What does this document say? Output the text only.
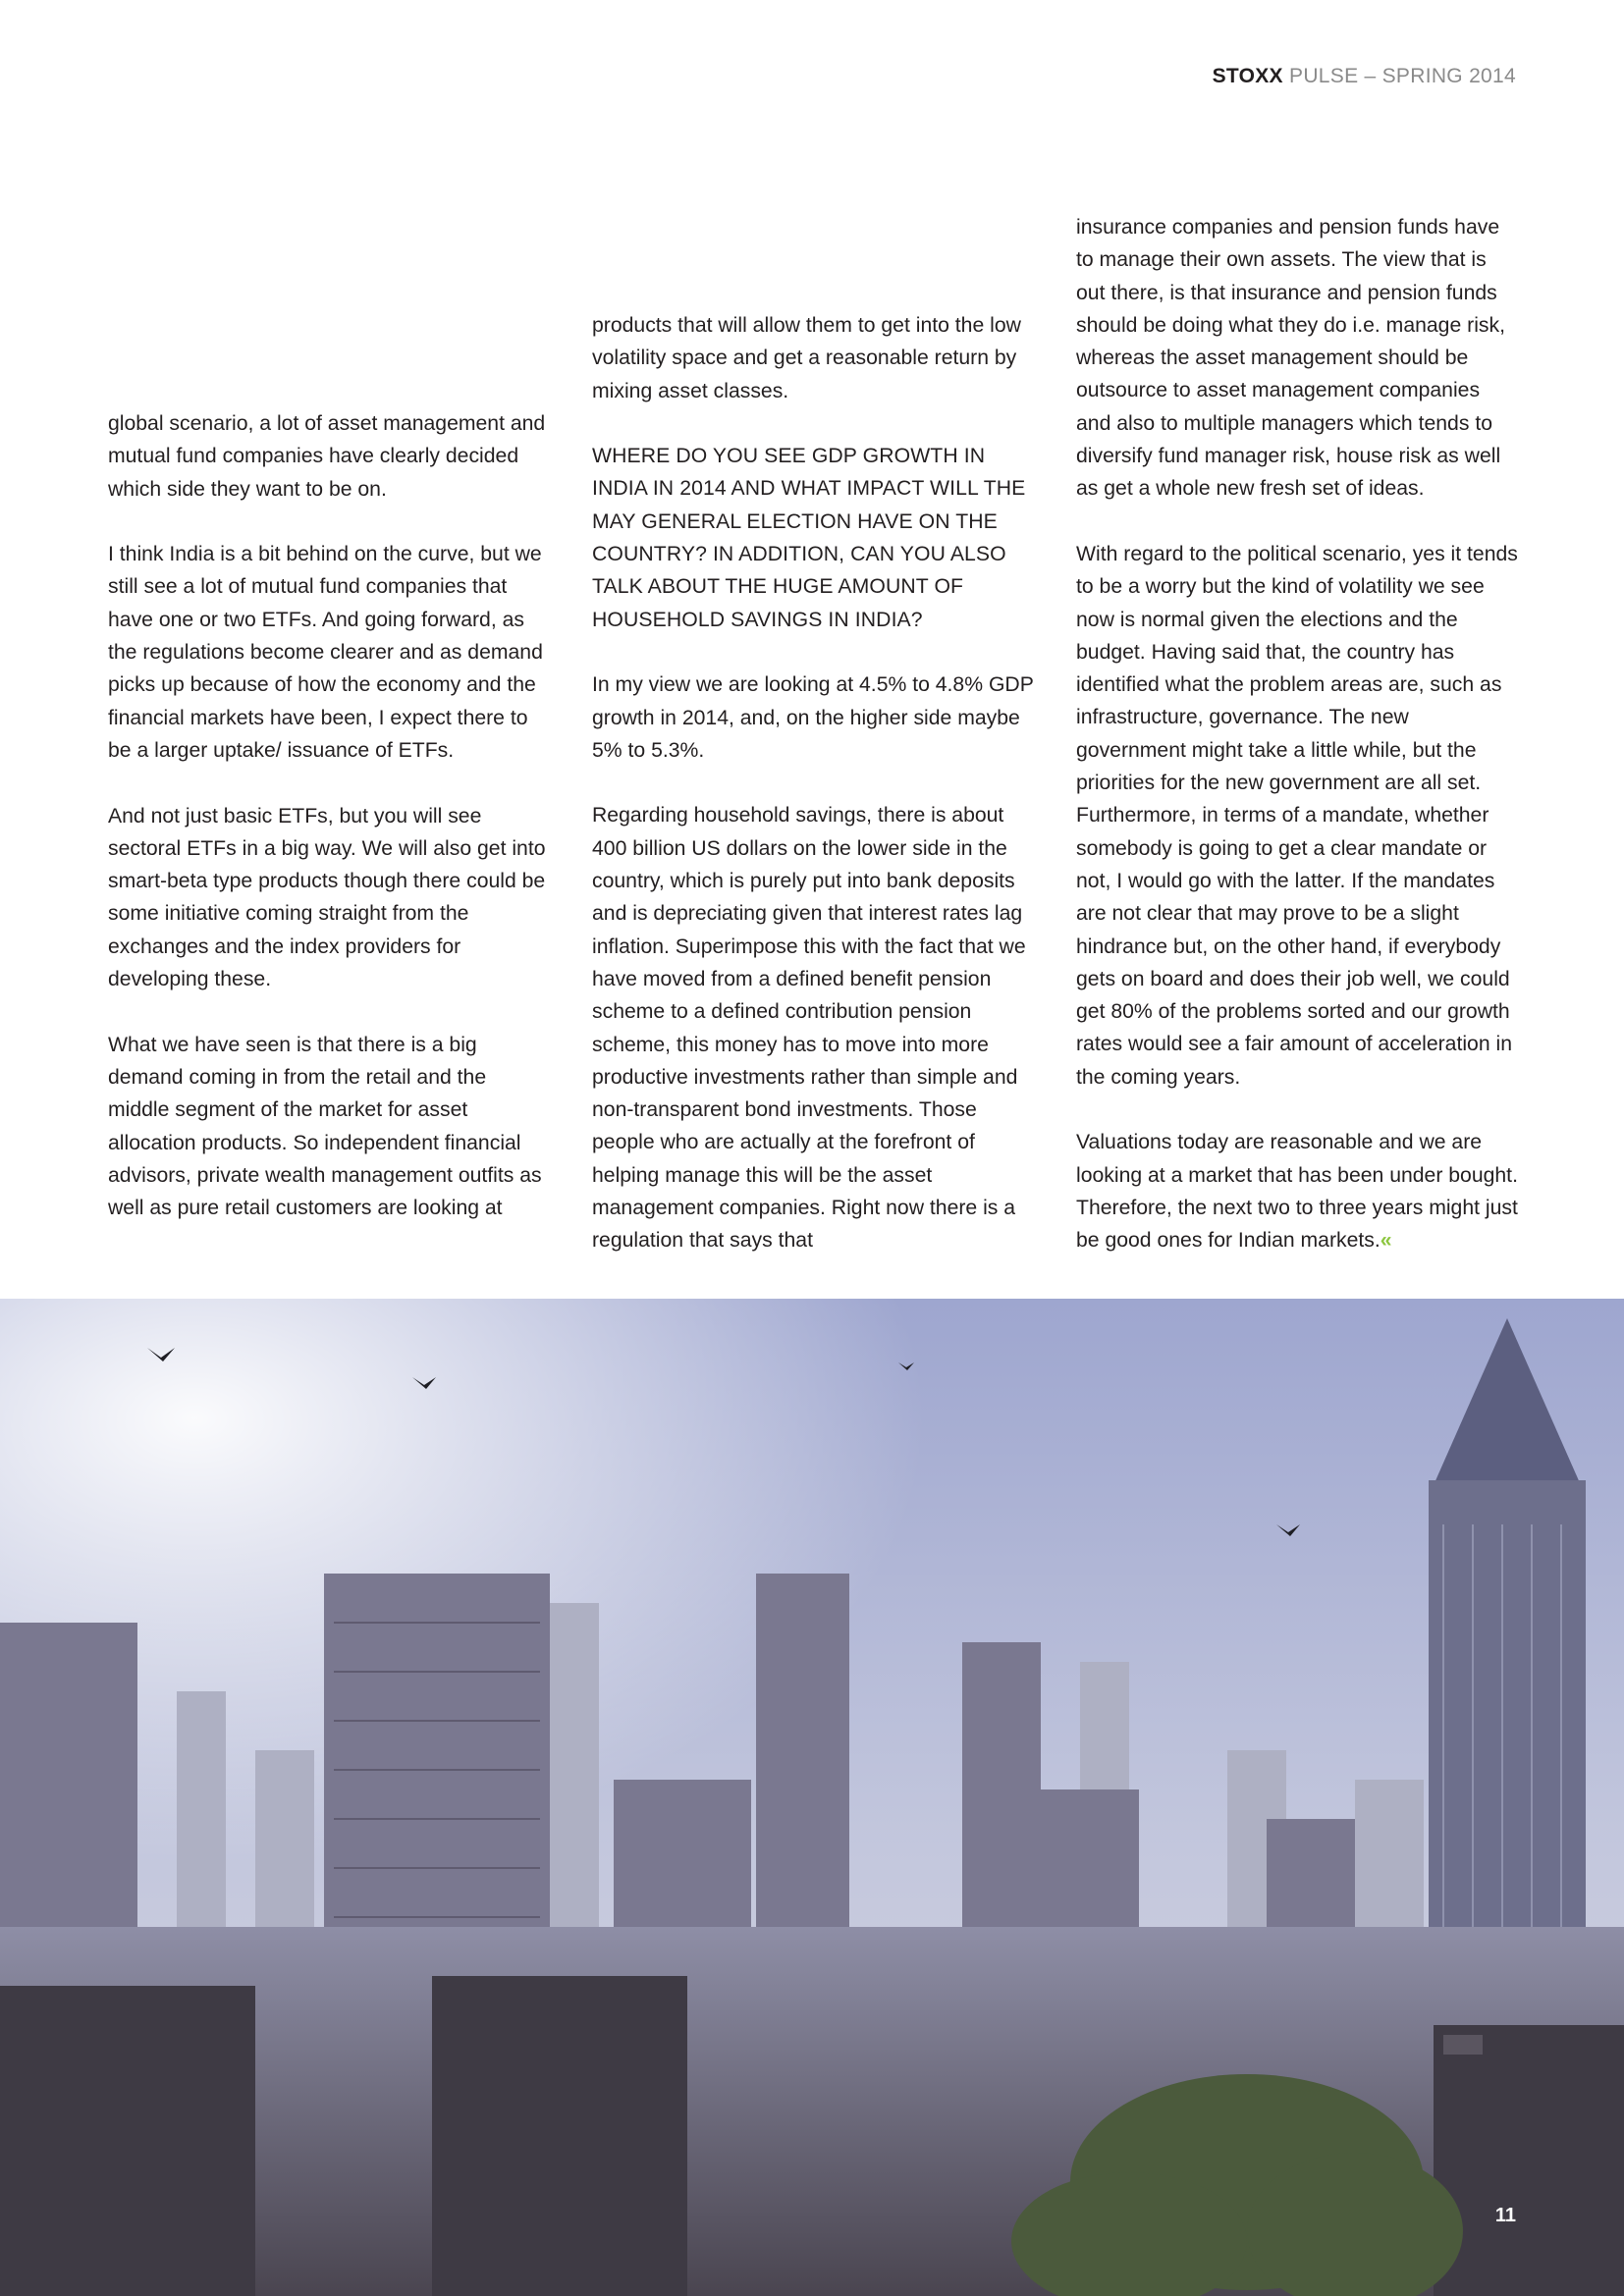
STOXX PULSE – SPRING 2014

global scenario, a lot of asset management and mutual fund companies have clearly decided which side they want to be on.

I think India is a bit behind on the curve, but we still see a lot of mutual fund companies that have one or two ETFs. And going forward, as the regulations become clearer and as demand picks up because of how the economy and the financial markets have been, I expect there to be a larger uptake/ issuance of ETFs.

And not just basic ETFs, but you will see sectoral ETFs in a big way. We will also get into smart-beta type products though there could be some initiative coming straight from the exchanges and the index providers for developing these.

What we have seen is that there is a big demand coming in from the retail and the middle segment of the market for asset allocation products. So independent financial advisors, private wealth management outfits as well as pure retail customers are looking at

products that will allow them to get into the low volatility space and get a reasonable return by mixing asset classes.

WHERE DO YOU SEE GDP GROWTH IN INDIA IN 2014 AND WHAT IMPACT WILL THE MAY GENERAL ELECTION HAVE ON THE COUNTRY? IN ADDITION, CAN YOU ALSO TALK ABOUT THE HUGE AMOUNT OF HOUSEHOLD SAVINGS IN INDIA?

In my view we are looking at 4.5% to 4.8% GDP growth in 2014, and, on the higher side maybe 5% to 5.3%.

Regarding household savings, there is about 400 billion US dollars on the lower side in the country, which is purely put into bank deposits and is depreciating given that interest rates lag inflation. Superimpose this with the fact that we have moved from a defined benefit pension scheme to a defined contribution pension scheme, this money has to move into more productive investments rather than simple and non-transparent bond investments. Those people who are actually at the forefront of helping manage this will be the asset management companies. Right now there is a regulation that says that

insurance companies and pension funds have to manage their own assets. The view that is out there, is that insurance and pension funds should be doing what they do i.e. manage risk, whereas the asset management should be outsource to asset management companies and also to multiple managers which tends to diversify fund manager risk, house risk as well as get a whole new fresh set of ideas.

With regard to the political scenario, yes it tends to be a worry but the kind of volatility we see now is normal given the elections and the budget. Having said that, the country has identified what the problem areas are, such as infrastructure, governance. The new government might take a little while, but the priorities for the new government are all set. Furthermore, in terms of a mandate, whether somebody is going to get a clear mandate or not, I would go with the latter. If the mandates are not clear that may prove to be a slight hindrance but, on the other hand, if everybody gets on board and does their job well, we could get 80% of the problems sorted and our growth rates would see a fair amount of acceleration in the coming years.

Valuations today are reasonable and we are looking at a market that has been under bought. Therefore, the next two to three years might just be good ones for Indian markets.«

11
